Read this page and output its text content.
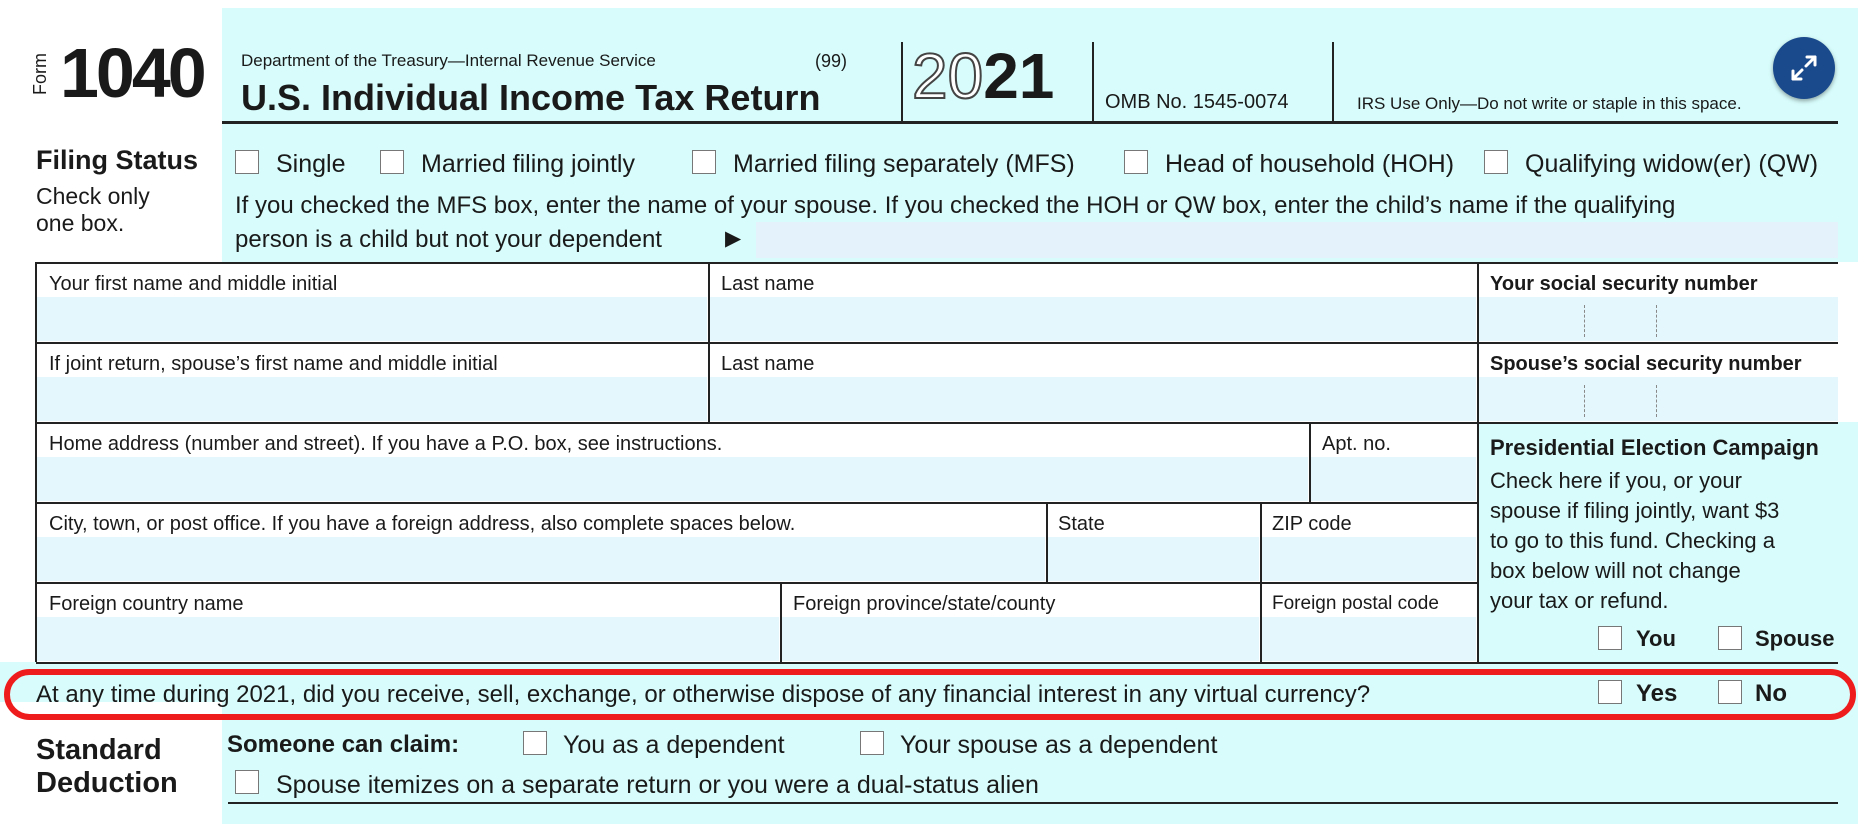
Form 1040 Department of the Treasury—Internal Revenue Service	(99)
U.S. Individual Income Tax Return 2021	OMB No. 1545-0074	IRS Use Only—Do not write or staple in this space.
Filing Status
Check only
one box.
Single	Married filing jointly	Married filing separately (MFS)	Head of household (HOH)	Qualifying widow(er) (QW)
If you checked the MFS box, enter the name of your spouse. If you checked the HOH or QW box, enter the child’s name if the qualifying
person is a child but not your dependent	▶
Your first name and middle initial	Last name	Your social security number
If joint return, spouse’s first name and middle initial	Last name	Spouse’s social security number
Home address (number and street). If you have a P.O. box, see instructions.	Apt. no.
City, town, or post office. If you have a foreign address, also complete spaces below.	State	ZIP code
Foreign country name	Foreign province/state/county	Foreign postal code
Presidential Election Campaign
Check here if you, or your
spouse if filing jointly, want $3
to go to this fund. Checking a
box below will not change
your tax or refund.
You	Spouse
At any time during 2021, did you receive, sell, exchange, or otherwise dispose of any financial interest in any virtual currency?	Yes	No
Standard
Deduction
Someone can claim:	You as a dependent	Your spouse as a dependent
Spouse itemizes on a separate return or you were a dual-status alien
